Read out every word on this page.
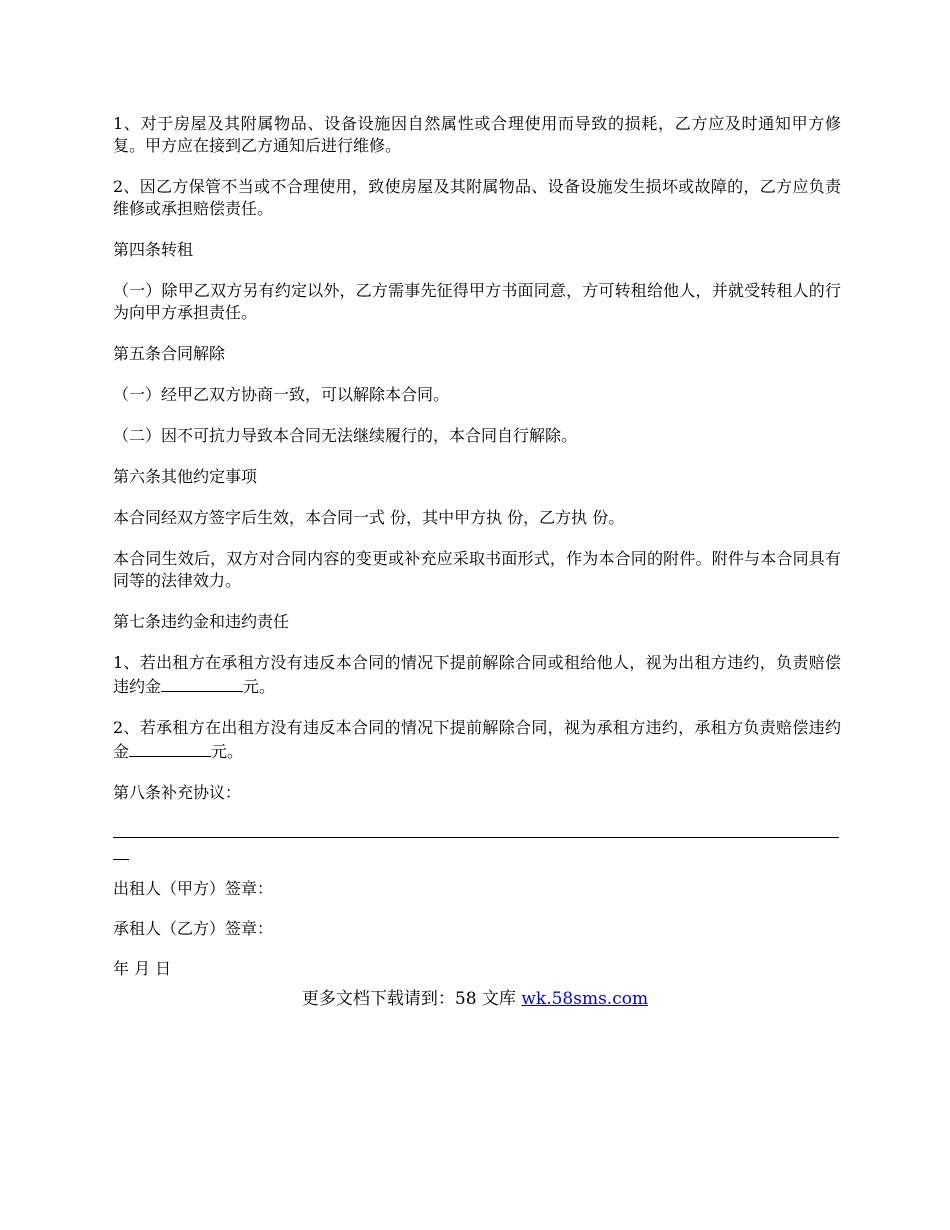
1、对于房屋及其附属物品、设备设施因自然属性或合理使用而导致的损耗，乙方应及时通知甲方修复。甲方应在接到乙方通知后进行维修。

2、因乙方保管不当或不合理使用，致使房屋及其附属物品、设备设施发生损坏或故障的，乙方应负责维修或承担赔偿责任。

第四条转租

（一）除甲乙双方另有约定以外，乙方需事先征得甲方书面同意，方可转租给他人，并就受转租人的行为向甲方承担责任。

第五条合同解除

（一）经甲乙双方协商一致，可以解除本合同。

（二）因不可抗力导致本合同无法继续履行的，本合同自行解除。

第六条其他约定事项

本合同经双方签字后生效，本合同一式 份，其中甲方执 份，乙方执 份。

本合同生效后，双方对合同内容的变更或补充应采取书面形式，作为本合同的附件。附件与本合同具有同等的法律效力。

第七条违约金和违约责任

1、若出租方在承租方没有违反本合同的情况下提前解除合同或租给他人，视为出租方违约，负责赔偿违约金	元。

2、若承租方在出租方没有违反本合同的情况下提前解除合同，视为承租方违约，承租方负责赔偿违约金	元。

第八条补充协议：

出租人（甲方）签章：

承租人（乙方）签章：

年 月 日

更多文档下载请到：58 文库 wk.58sms.com
